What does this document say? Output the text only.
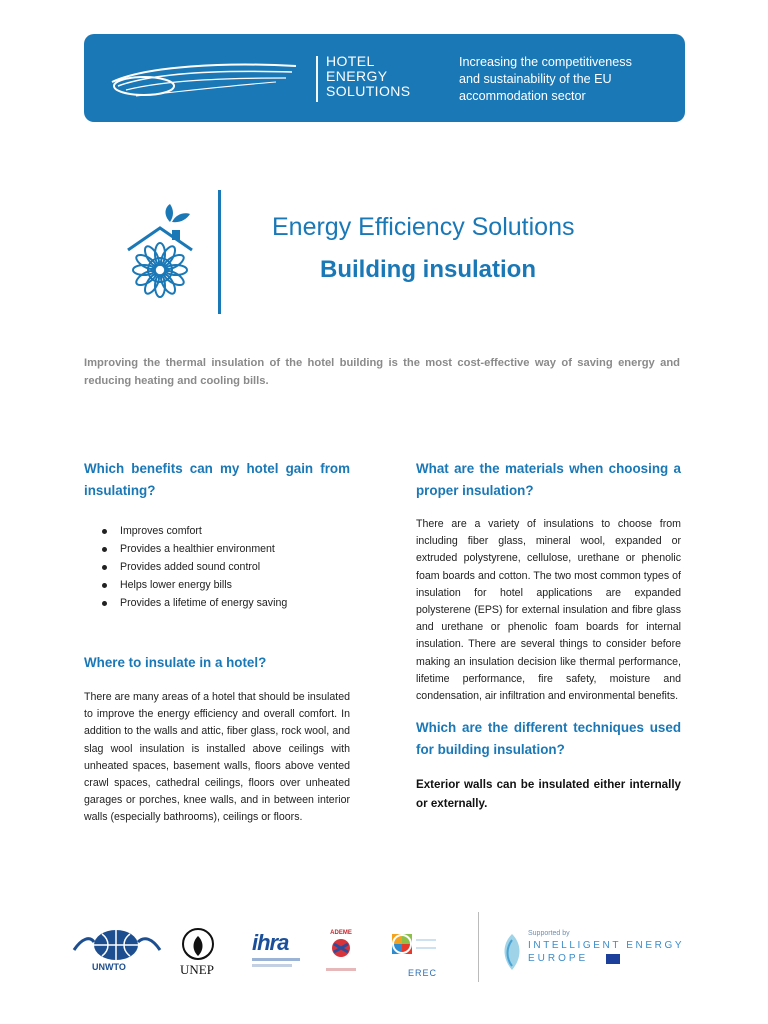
HOTEL
ENERGY
SOLUTIONS
Increasing the competitiveness
and sustainability of the EU
accommodation sector
Energy Efficiency Solutions
Building insulation

Improving the thermal insulation of the hotel building is the most cost-effective way of saving energy and reducing heating and cooling bills.

Which benefits can my hotel gain from insulating?
Improves comfort
Provides a healthier environment
Provides added sound control
Helps lower energy bills
Provides a lifetime of energy saving
Where to insulate in a hotel?

There are many areas of a hotel that should be insulated to improve the energy efficiency and overall comfort. In addition to the walls and attic, fiber glass, rock wool, and slag wool insulation is installed above ceilings with unheated spaces, basement walls, floors above vented crawl spaces, cathedral ceilings, floors over unheated garages or porches, knee walls, and in between interior walls (especially bathrooms), ceilings or floors.

What are the materials when choosing a proper insulation?

There are a variety of insulations to choose from including fiber glass, mineral wool, expanded or extruded polystyrene, cellulose, urethane or phenolic foam boards and cotton. The two most common types of insulation for hotel applications are expanded polysterene (EPS) for external insulation and fibre glass and urethane or phenolic foam boards for internal insulation. There are several things to consider before making an insulation decision like thermal performance, lifetime performance, fire safety, moisture and condensation, air infiltration and environmental benefits.

Which are the different techniques used for building insulation?

Exterior walls can be insulated either internally or externally.

UNWTO	UNEP
ihra	ADEME
EREC
Supported by
INTELLIGENT ENERGY
EUROPE
